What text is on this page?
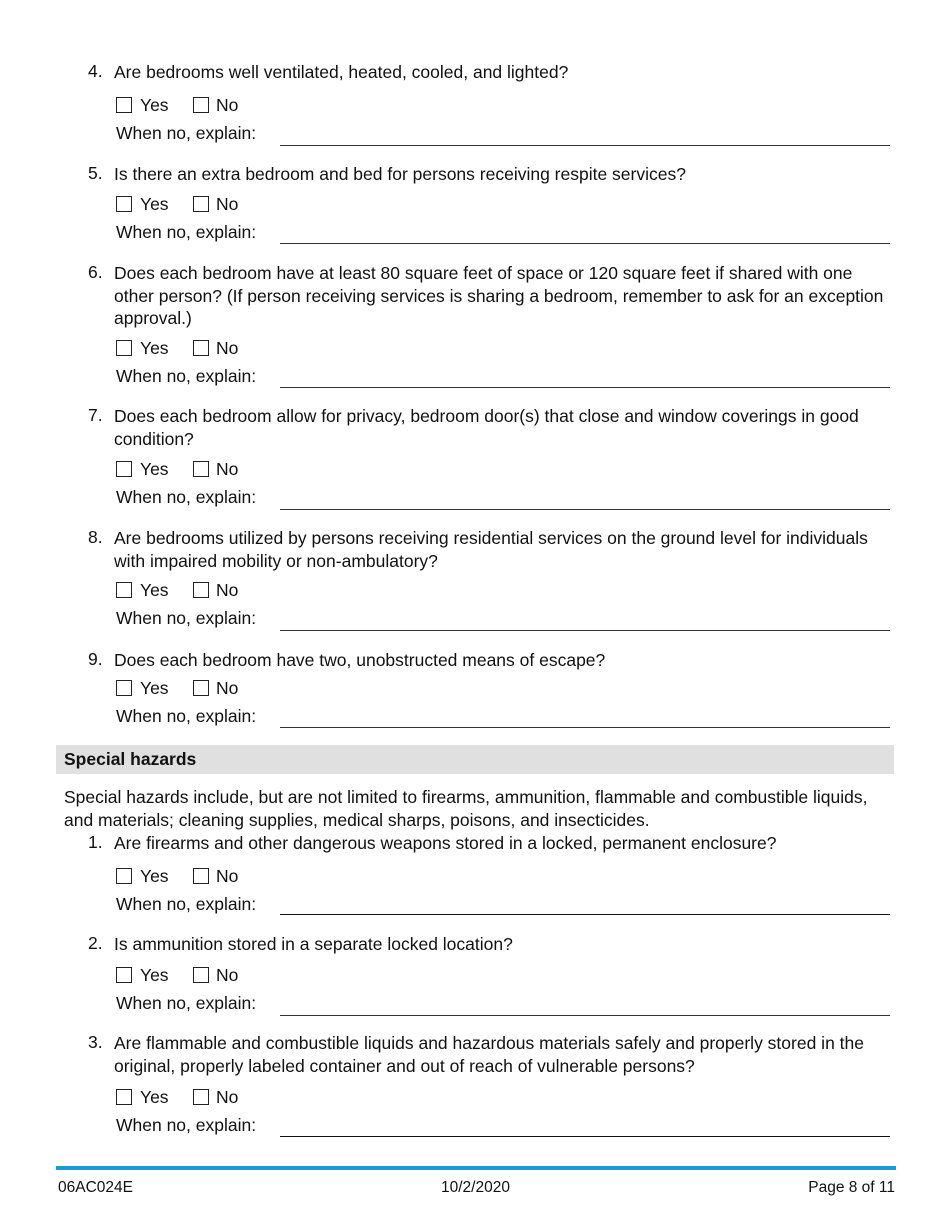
4. Are bedrooms well ventilated, heated, cooled, and lighted?
Yes	No
When no, explain:
5. Is there an extra bedroom and bed for persons receiving respite services?
Yes	No
When no, explain:
6. Does each bedroom have at least 80 square feet of space or 120 square feet if shared with one other person? (If person receiving services is sharing a bedroom, remember to ask for an exception approval.)
Yes	No
When no, explain:
7. Does each bedroom allow for privacy, bedroom door(s) that close and window coverings in good condition?
Yes	No
When no, explain:
8. Are bedrooms utilized by persons receiving residential services on the ground level for individuals with impaired mobility or non-ambulatory?
Yes	No
When no, explain:
9. Does each bedroom have two, unobstructed means of escape?
Yes	No
When no, explain:
Special hazards
Special hazards include, but are not limited to firearms, ammunition, flammable and combustible liquids, and materials; cleaning supplies, medical sharps, poisons, and insecticides.
1. Are firearms and other dangerous weapons stored in a locked, permanent enclosure?
Yes	No
When no, explain:
2. Is ammunition stored in a separate locked location?
Yes	No
When no, explain:
3. Are flammable and combustible liquids and hazardous materials safely and properly stored in the original, properly labeled container and out of reach of vulnerable persons?
Yes	No
When no, explain:
06AC024E	10/2/2020	Page 8 of 11
